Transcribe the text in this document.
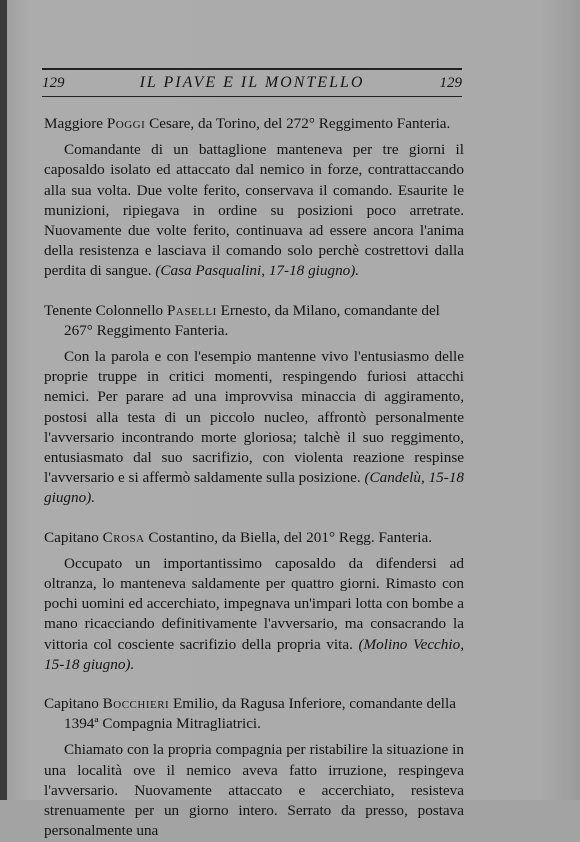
129	IL PIAVE E IL MONTELLO	129

Maggiore Poggi Cesare, da Torino, del 272° Reggimento Fanteria.

Comandante di un battaglione manteneva per tre giorni il caposaldo isolato ed attaccato dal nemico in forze, contrattaccando alla sua volta. Due volte ferito, conservava il comando. Esaurite le munizioni, ripiegava in ordine su posizioni poco arretrate. Nuovamente due volte ferito, continuava ad essere ancora l'anima della resistenza e lasciava il comando solo perchè costrettovi dalla perdita di sangue. (Casa Pasqualini, 17-18 giugno).

Tenente Colonnello Paselli Ernesto, da Milano, comandante del
267° Reggimento Fanteria.

Con la parola e con l'esempio mantenne vivo l'entusiasmo delle proprie truppe in critici momenti, respingendo furiosi attacchi nemici. Per parare ad una improvvisa minaccia di aggiramento, postosi alla testa di un piccolo nucleo, affrontò personalmente l'avversario incontrando morte gloriosa; talchè il suo reggimento, entusiasmato dal suo sacrifizio, con violenta reazione respinse l'avversario e si affermò saldamente sulla posizione. (Candelù, 15-18 giugno).

Capitano Crosa Costantino, da Biella, del 201° Regg. Fanteria.

Occupato un importantissimo caposaldo da difendersi ad oltranza, lo manteneva saldamente per quattro giorni. Rimasto con pochi uomini ed accerchiato, impegnava un'impari lotta con bombe a mano ricacciando definitivamente l'avversario, ma consacrando la vittoria col cosciente sacrifizio della propria vita. (Molino Vecchio, 15-18 giugno).

Capitano Bocchieri Emilio, da Ragusa Inferiore, comandante della
1394ª Compagnia Mitragliatrici.

Chiamato con la propria compagnia per ristabilire la situazione in una località ove il nemico aveva fatto irruzione, respingeva l'avversario. Nuovamente attaccato e accerchiato, resisteva strenuamente per un giorno intero. Serrato da presso, postava personalmente una
